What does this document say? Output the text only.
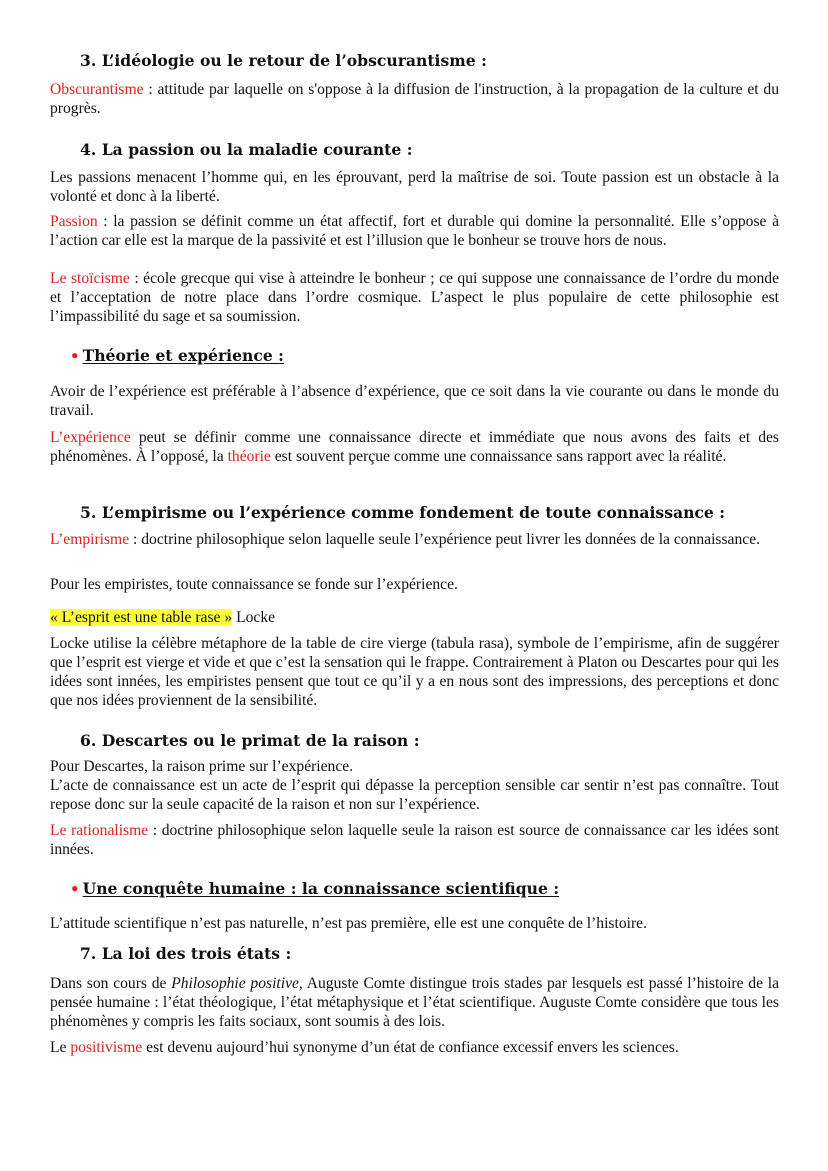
3. L’idéologie ou le retour de l’obscurantisme :
Obscurantisme : attitude par laquelle on s'oppose à la diffusion de l'instruction, à la propagation de la culture et du progrès.
4. La passion ou la maladie courante :
Les passions menacent l’homme qui, en les éprouvant, perd la maîtrise de soi. Toute passion est un obstacle à la volonté et donc à la liberté.
Passion : la passion se définit comme un état affectif, fort et durable qui domine la personnalité. Elle s’oppose à l’action car elle est la marque de la passivité et est l’illusion que le bonheur se trouve hors de nous.
Le stoïcisme : école grecque qui vise à atteindre le bonheur ; ce qui suppose une connaissance de l’ordre du monde et l’acceptation de notre place dans l’ordre cosmique. L’aspect le plus populaire de cette philosophie est l’impassibilité du sage et sa soumission.
• Théorie et expérience :
Avoir de l’expérience est préférable à l’absence d’expérience, que ce soit dans la vie courante ou dans le monde du travail.
L’expérience peut se définir comme une connaissance directe et immédiate que nous avons des faits et des phénomènes. À l’opposé, la théorie est souvent perçue comme une connaissance sans rapport avec la réalité.
5. L’empirisme ou l’expérience comme fondement de toute connaissance :
L’empirisme : doctrine philosophique selon laquelle seule l’expérience peut livrer les données de la connaissance.
Pour les empiristes, toute connaissance se fonde sur l’expérience.
« L’esprit est une table rase » Locke
Locke utilise la célèbre métaphore de la table de cire vierge (tabula rasa), symbole de l’empirisme, afin de suggérer que l’esprit est vierge et vide et que c’est la sensation qui le frappe. Contrairement à Platon ou Descartes pour qui les idées sont innées, les empiristes pensent que tout ce qu’il y a en nous sont des impressions, des perceptions et donc que nos idées proviennent de la sensibilité.
6. Descartes ou le primat de la raison :
Pour Descartes, la raison prime sur l’expérience.
L’acte de connaissance est un acte de l’esprit qui dépasse la perception sensible car sentir n’est pas connaître. Tout repose donc sur la seule capacité de la raison et non sur l’expérience.
Le rationalisme : doctrine philosophique selon laquelle seule la raison est source de connaissance car les idées sont innées.
• Une conquête humaine : la connaissance scientifique :
L’attitude scientifique n’est pas naturelle, n’est pas première, elle est une conquête de l’histoire.
7. La loi des trois états :
Dans son cours de Philosophie positive, Auguste Comte distingue trois stades par lesquels est passé l’histoire de la pensée humaine : l’état théologique, l’état métaphysique et l’état scientifique. Auguste Comte considère que tous les phénomènes y compris les faits sociaux, sont soumis à des lois.
Le positivisme est devenu aujourd’hui synonyme d’un état de confiance excessif envers les sciences.
